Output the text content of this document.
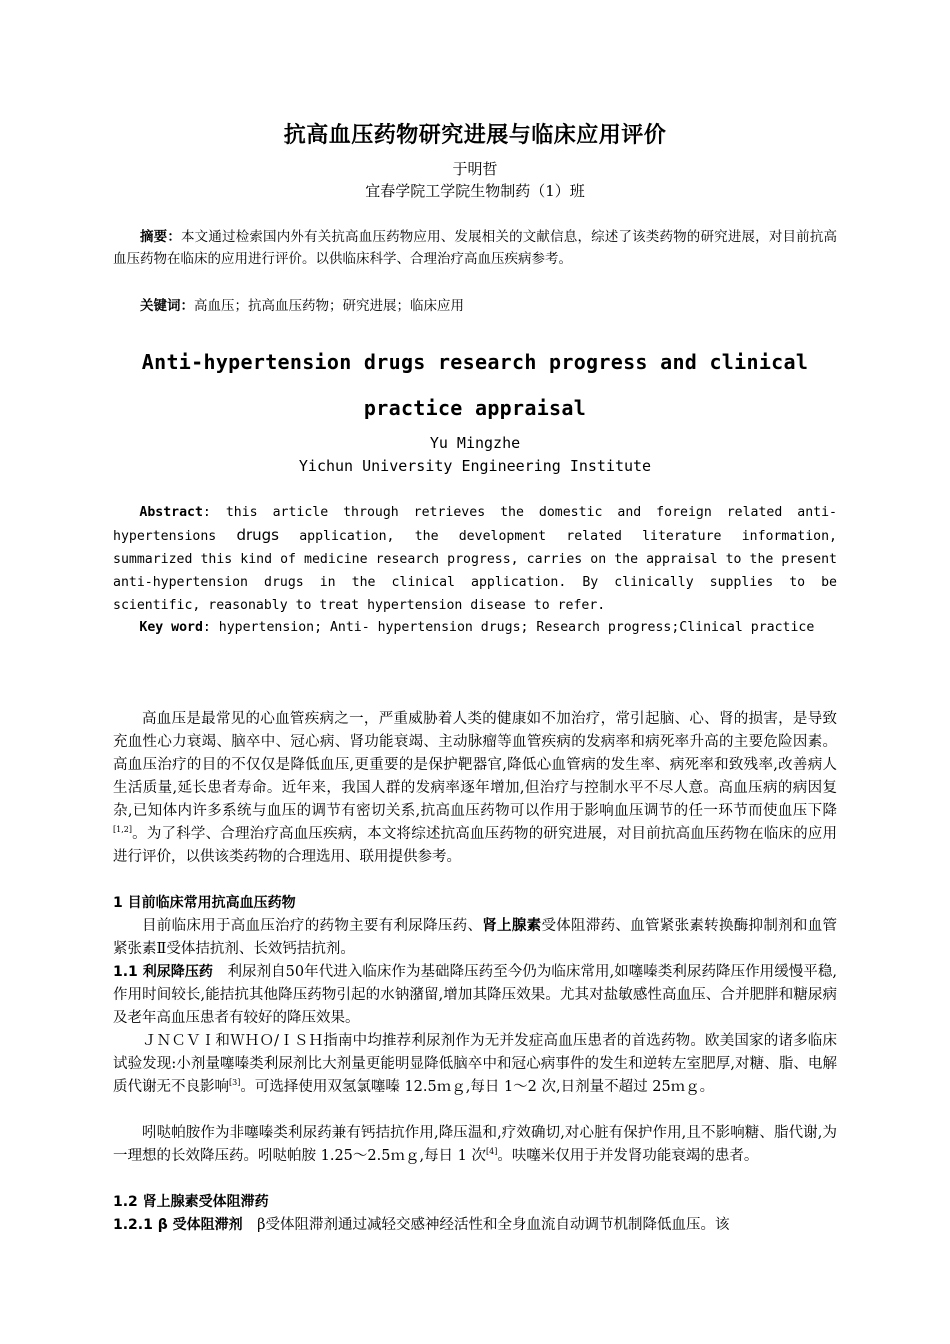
抗高血压药物研究进展与临床应用评价
于明哲
宜春学院工学院生物制药（1）班

摘要：本文通过检索国内外有关抗高血压药物应用、发展相关的文献信息，综述了该类药物的研究进展，对目前抗高血压药物在临床的应用进行评价。以供临床科学、合理治疗高血压疾病参考。

关键词：高血压；抗高血压药物；研究进展；临床应用

Anti-hypertension drugs research progress and clinical
practice appraisal
Yu Mingzhe
Yichun University Engineering Institute

Abstract: this article through retrieves the domestic and foreign related anti-hypertensions drugs application, the development related literature information, summarized this kind of medicine research progress, carries on the appraisal to the present anti-hypertension drugs in the clinical application. By clinically supplies to be scientific, reasonably to treat hypertension disease to refer.

Key word: hypertension; Anti- hypertension drugs; Research progress;Clinical practice

高血压是最常见的心血管疾病之一，严重威胁着人类的健康如不加治疗，常引起脑、心、肾的损害，是导致充血性心力衰竭、脑卒中、冠心病、肾功能衰竭、主动脉瘤等血管疾病的发病率和病死率升高的主要危险因素。高血压治疗的目的不仅仅是降低血压,更重要的是保护靶器官,降低心血管病的发生率、病死率和致残率,改善病人生活质量,延长患者寿命。近年来，我国人群的发病率逐年增加,但治疗与控制水平不尽人意。高血压病的病因复杂,已知体内许多系统与血压的调节有密切关系,抗高血压药物可以作用于影响血压调节的任一环节而使血压下降[1,2]。为了科学、合理治疗高血压疾病，本文将综述抗高血压药物的研究进展，对目前抗高血压药物在临床的应用进行评价，以供该类药物的合理选用、联用提供参考。

1 目前临床常用抗高血压药物

目前临床用于高血压治疗的药物主要有利尿降压药、肾上腺素受体阻滞药、血管紧张素转换酶抑制剂和血管紧张素Ⅱ受体拮抗剂、长效钙拮抗剂。

1.1 利尿降压药　利尿剂自50年代进入临床作为基础降压药至今仍为临床常用,如噻嗪类利尿药降压作用缓慢平稳,作用时间较长,能拮抗其他降压药物引起的水钠潴留,增加其降压效果。尤其对盐敏感性高血压、合并肥胖和糖尿病及老年高血压患者有较好的降压效果。

ＪＮＣＶＩ和ＷＨＯ/ＩＳＨ指南中均推荐利尿剂作为无并发症高血压患者的首选药物。欧美国家的诸多临床试验发现:小剂量噻嗪类利尿剂比大剂量更能明显降低脑卒中和冠心病事件的发生和逆转左室肥厚,对糖、脂、电解质代谢无不良影响[3]。可选择使用双氢氯噻嗪 12.5ｍｇ,每日 1～2 次,日剂量不超过 25ｍｇ。

吲哒帕胺作为非噻嗪类利尿药兼有钙拮抗作用,降压温和,疗效确切,对心脏有保护作用,且不影响糖、脂代谢,为一理想的长效降压药。吲哒帕胺 1.25～2.5ｍｇ,每日 1 次[4]。呋噻米仅用于并发肾功能衰竭的患者。

1.2 肾上腺素受体阻滞药

1.2.1 β 受体阻滞剂　β受体阻滞剂通过减轻交感神经活性和全身血流自动调节机制降低血压。该
